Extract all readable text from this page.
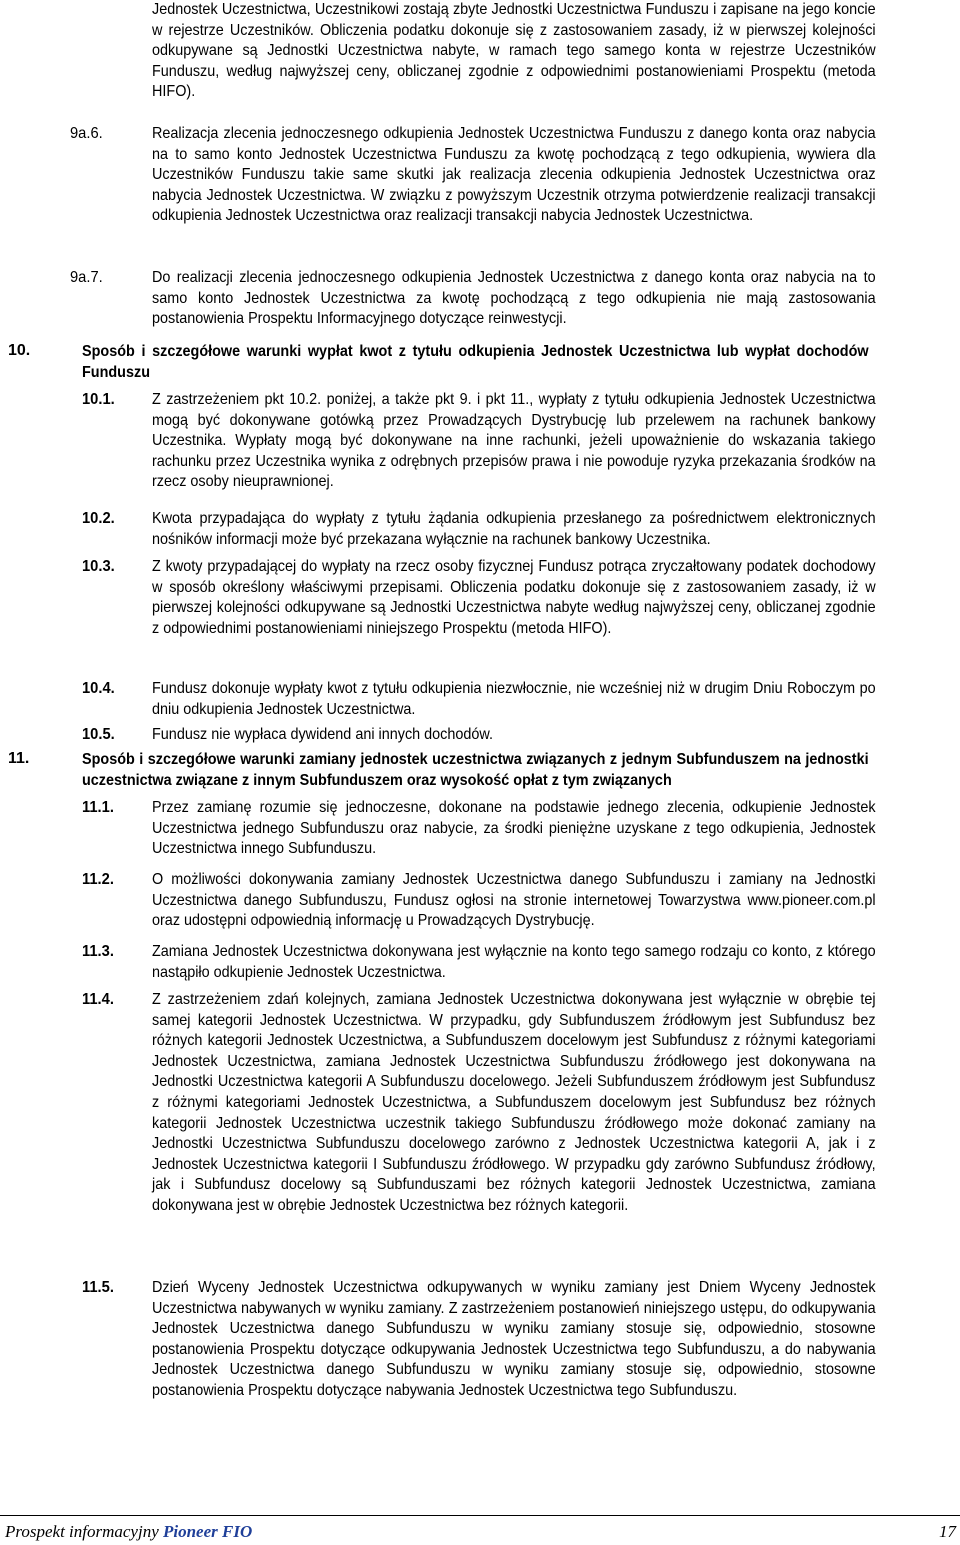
Jednostek Uczestnictwa, Uczestnikowi zostają zbyte Jednostki Uczestnictwa Funduszu i zapisane na jego koncie w rejestrze Uczestników. Obliczenia podatku dokonuje się z zastosowaniem zasady, iż w pierwszej kolejności odkupywane są Jednostki Uczestnictwa nabyte, w ramach tego samego konta w rejestrze Uczestników Funduszu, według najwyższej ceny, obliczanej zgodnie z odpowiednimi postanowieniami Prospektu (metoda HIFO).
9a.6.	Realizacja zlecenia jednoczesnego odkupienia Jednostek Uczestnictwa Funduszu z danego konta oraz nabycia na to samo konto Jednostek Uczestnictwa Funduszu za kwotę pochodzącą z tego odkupienia, wywiera dla Uczestników Funduszu takie same skutki jak realizacja zlecenia odkupienia Jednostek Uczestnictwa oraz nabycia Jednostek Uczestnictwa. W związku z powyższym Uczestnik otrzyma potwierdzenie realizacji transakcji odkupienia Jednostek Uczestnictwa oraz realizacji transakcji nabycia Jednostek Uczestnictwa.
9a.7.	Do realizacji zlecenia jednoczesnego odkupienia Jednostek Uczestnictwa z danego konta oraz nabycia na to samo konto Jednostek Uczestnictwa za kwotę pochodzącą z tego odkupienia nie mają zastosowania postanowienia Prospektu Informacyjnego dotyczące reinwestycji.
10.	Sposób i szczegółowe warunki wypłat kwot z tytułu odkupienia Jednostek Uczestnictwa lub wypłat dochodów Funduszu
10.1.	Z zastrzeżeniem pkt 10.2. poniżej, a także pkt 9. i pkt 11., wypłaty z tytułu odkupienia Jednostek Uczestnictwa mogą być dokonywane gotówką przez Prowadzących Dystrybucję lub przelewem na rachunek bankowy Uczestnika. Wypłaty mogą być dokonywane na inne rachunki, jeżeli upoważnienie do wskazania takiego rachunku przez Uczestnika wynika z odrębnych przepisów prawa i nie powoduje ryzyka przekazania środków na rzecz osoby nieuprawnionej.
10.2.	Kwota przypadająca do wypłaty z tytułu żądania odkupienia przesłanego za pośrednictwem elektronicznych nośników informacji może być przekazana wyłącznie na rachunek bankowy Uczestnika.
10.3.	Z kwoty przypadającej do wypłaty na rzecz osoby fizycznej Fundusz potrąca zryczałtowany podatek dochodowy w sposób określony właściwymi przepisami. Obliczenia podatku dokonuje się z zastosowaniem zasady, iż w pierwszej kolejności odkupywane są Jednostki Uczestnictwa nabyte według najwyższej ceny, obliczanej zgodnie z odpowiednimi postanowieniami niniejszego Prospektu (metoda HIFO).
10.4.	Fundusz dokonuje wypłaty kwot z tytułu odkupienia niezwłocznie, nie wcześniej niż w drugim Dniu Roboczym po dniu odkupienia Jednostek Uczestnictwa.
10.5.	Fundusz nie wypłaca dywidend ani innych dochodów.
11.	Sposób i szczegółowe warunki zamiany jednostek uczestnictwa związanych z jednym Subfunduszem na jednostki uczestnictwa związane z innym Subfunduszem oraz wysokość opłat z tym związanych
11.1.	Przez zamianę rozumie się jednoczesne, dokonane na podstawie jednego zlecenia, odkupienie Jednostek Uczestnictwa jednego Subfunduszu oraz nabycie, za środki pieniężne uzyskane z tego odkupienia, Jednostek Uczestnictwa innego Subfunduszu.
11.2.	O możliwości dokonywania zamiany Jednostek Uczestnictwa danego Subfunduszu i zamiany na Jednostki Uczestnictwa danego Subfunduszu, Fundusz ogłosi na stronie internetowej Towarzystwa www.pioneer.com.pl oraz udostępni odpowiednią informację u Prowadzących Dystrybucję.
11.3.	Zamiana Jednostek Uczestnictwa dokonywana jest wyłącznie na konto tego samego rodzaju co konto, z którego nastąpiło odkupienie Jednostek Uczestnictwa.
11.4.	Z zastrzeżeniem zdań kolejnych, zamiana Jednostek Uczestnictwa dokonywana jest wyłącznie w obrębie tej samej kategorii Jednostek Uczestnictwa. W przypadku, gdy Subfunduszem źródłowym jest Subfundusz bez różnych kategorii Jednostek Uczestnictwa, a Subfunduszem docelowym jest Subfundusz z różnymi kategoriami Jednostek Uczestnictwa, zamiana Jednostek Uczestnictwa Subfunduszu źródłowego jest dokonywana na Jednostki Uczestnictwa kategorii A Subfunduszu docelowego. Jeżeli Subfunduszem źródłowym jest Subfundusz z różnymi kategoriami Jednostek Uczestnictwa, a Subfunduszem docelowym jest Subfundusz bez różnych kategorii Jednostek Uczestnictwa uczestnik takiego Subfunduszu źródłowego może dokonać zamiany na Jednostki Uczestnictwa Subfunduszu docelowego zarówno z Jednostek Uczestnictwa kategorii A, jak i z Jednostek Uczestnictwa kategorii I Subfunduszu źródłowego. W przypadku gdy zarówno Subfundusz źródłowy, jak i Subfundusz docelowy są Subfunduszami bez różnych kategorii Jednostek Uczestnictwa, zamiana dokonywana jest w obrębie Jednostek Uczestnictwa bez różnych kategorii.
11.5.	Dzień Wyceny Jednostek Uczestnictwa odkupywanych w wyniku zamiany jest Dniem Wyceny Jednostek Uczestnictwa nabywanych w wyniku zamiany. Z zastrzeżeniem postanowień niniejszego ustępu, do odkupywania Jednostek Uczestnictwa danego Subfunduszu w wyniku zamiany stosuje się, odpowiednio, stosowne postanowienia Prospektu dotyczące odkupywania Jednostek Uczestnictwa tego Subfunduszu, a do nabywania Jednostek Uczestnictwa danego Subfunduszu w wyniku zamiany stosuje się, odpowiednio, stosowne postanowienia Prospektu dotyczące nabywania Jednostek Uczestnictwa tego Subfunduszu.
Prospekt informacyjny Pioneer FIO	17
